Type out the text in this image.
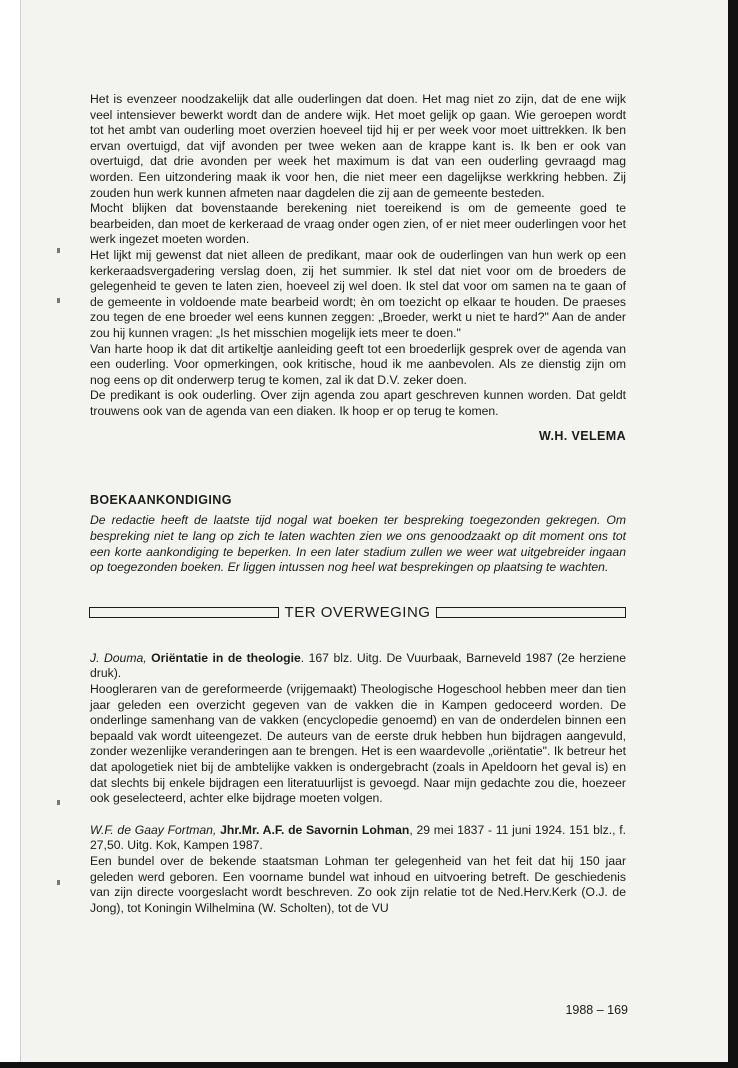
Het is evenzeer noodzakelijk dat alle ouderlingen dat doen. Het mag niet zo zijn, dat de ene wijk veel intensiever bewerkt wordt dan de andere wijk. Het moet gelijk op gaan. Wie geroepen wordt tot het ambt van ouderling moet overzien hoeveel tijd hij er per week voor moet uittrekken. Ik ben ervan overtuigd, dat vijf avonden per twee weken aan de krappe kant is. Ik ben er ook van overtuigd, dat drie avonden per week het maximum is dat van een ouderling gevraagd mag worden. Een uitzondering maak ik voor hen, die niet meer een dagelijkse werkkring hebben. Zij zouden hun werk kunnen afmeten naar dagdelen die zij aan de gemeente besteden.

Mocht blijken dat bovenstaande berekening niet toereikend is om de gemeente goed te bearbeiden, dan moet de kerkeraad de vraag onder ogen zien, of er niet meer ouderlingen voor het werk ingezet moeten worden.

Het lijkt mij gewenst dat niet alleen de predikant, maar ook de ouderlingen van hun werk op een kerkeraadsvergadering verslag doen, zij het summier. Ik stel dat niet voor om de broeders de gelegenheid te geven te laten zien, hoeveel zij wel doen. Ik stel dat voor om samen na te gaan of de gemeente in voldoende mate bearbeid wordt; èn om toezicht op elkaar te houden. De praeses zou tegen de ene broeder wel eens kunnen zeggen: „Broeder, werkt u niet te hard?" Aan de ander zou hij kunnen vragen: „Is het misschien mogelijk iets meer te doen."

Van harte hoop ik dat dit artikeltje aanleiding geeft tot een broederlijk gesprek over de agenda van een ouderling. Voor opmerkingen, ook kritische, houd ik me aanbevolen. Als ze dienstig zijn om nog eens op dit onderwerp terug te komen, zal ik dat D.V. zeker doen.

De predikant is ook ouderling. Over zijn agenda zou apart geschreven kunnen worden. Dat geldt trouwens ook van de agenda van een diaken. Ik hoop er op terug te komen.

W.H. VELEMA
BOEKAANKONDIGING

De redactie heeft de laatste tijd nogal wat boeken ter bespreking toegezonden gekregen. Om bespreking niet te lang op zich te laten wachten zien we ons genoodzaakt op dit moment ons tot een korte aankondiging te beperken. In een later stadium zullen we weer wat uitgebreider ingaan op toegezonden boeken. Er liggen intussen nog heel wat besprekingen op plaatsing te wachten.

TER OVERWEGING

J. Douma, Oriëntatie in de theologie. 167 blz. Uitg. De Vuurbaak, Barneveld 1987 (2e herziene druk).

Hoogleraren van de gereformeerde (vrijgemaakt) Theologische Hogeschool hebben meer dan tien jaar geleden een overzicht gegeven van de vakken die in Kampen gedoceerd worden. De onderlinge samenhang van de vakken (encyclopedie genoemd) en van de onderdelen binnen een bepaald vak wordt uiteengezet. De auteurs van de eerste druk hebben hun bijdragen aangevuld, zonder wezenlijke veranderingen aan te brengen. Het is een waardevolle „oriëntatie". Ik betreur het dat apologetiek niet bij de ambtelijke vakken is ondergebracht (zoals in Apeldoorn het geval is) en dat slechts bij enkele bijdragen een literatuurlijst is gevoegd. Naar mijn gedachte zou die, hoezeer ook geselecteerd, achter elke bijdrage moeten volgen.

W.F. de Gaay Fortman, Jhr.Mr. A.F. de Savornin Lohman, 29 mei 1837 - 11 juni 1924. 151 blz., f. 27,50. Uitg. Kok, Kampen 1987.

Een bundel over de bekende staatsman Lohman ter gelegenheid van het feit dat hij 150 jaar geleden werd geboren. Een voorname bundel wat inhoud en uitvoering betreft. De geschiedenis van zijn directe voorgeslacht wordt beschreven. Zo ook zijn relatie tot de Ned.Herv.Kerk (O.J. de Jong), tot Koningin Wilhelmina (W. Scholten), tot de VU

1988 – 169
